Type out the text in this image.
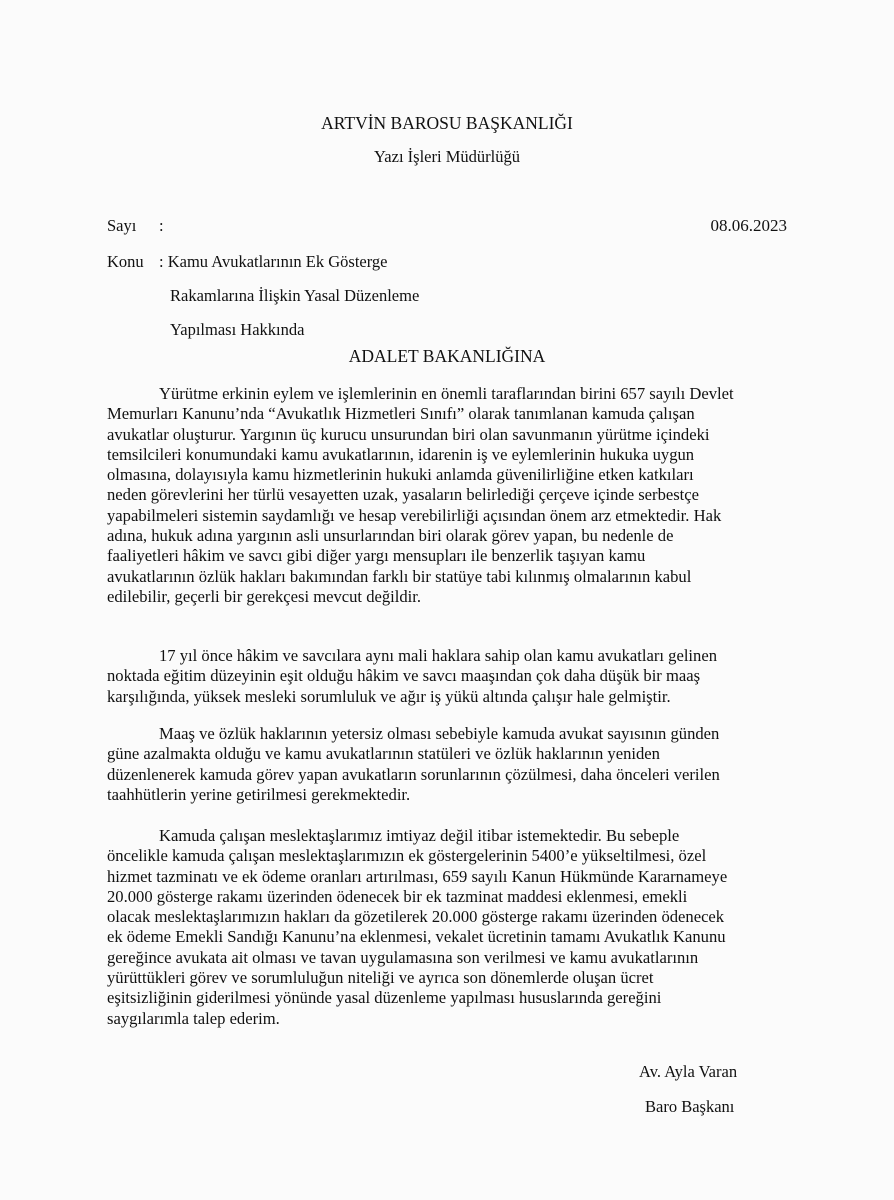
ARTVİN BAROSU BAŞKANLIĞI
Yazı İşleri Müdürlüğü
Sayı :	08.06.2023
Konu : Kamu Avukatlarının Ek Gösterge
Rakamlarına İlişkin Yasal Düzenleme
Yapılması Hakkında
ADALET BAKANLIĞINA
Yürütme erkinin eylem ve işlemlerinin en önemli taraflarından birini 657 sayılı Devlet
Memurları Kanunu’nda “Avukatlık Hizmetleri Sınıfı” olarak tanımlanan kamuda çalışan
avukatlar oluşturur. Yargının üç kurucu unsurundan biri olan savunmanın yürütme içindeki
temsilcileri konumundaki kamu avukatlarının, idarenin iş ve eylemlerinin hukuka uygun
olmasına, dolayısıyla kamu hizmetlerinin hukuki anlamda güvenilirliğine etken katkıları
neden görevlerini her türlü vesayetten uzak, yasaların belirlediği çerçeve içinde serbestçe
yapabilmeleri sistemin saydamlığı ve hesap verebilirliği açısından önem arz etmektedir. Hak
adına, hukuk adına yargının asli unsurlarından biri olarak görev yapan, bu nedenle de
faaliyetleri hâkim ve savcı gibi diğer yargı mensupları ile benzerlik taşıyan kamu
avukatlarının özlük hakları bakımından farklı bir statüye tabi kılınmış olmalarının kabul
edilebilir, geçerli bir gerekçesi mevcut değildir.
17 yıl önce hâkim ve savcılara aynı mali haklara sahip olan kamu avukatları gelinen
noktada eğitim düzeyinin eşit olduğu hâkim ve savcı maaşından çok daha düşük bir maaş
karşılığında, yüksek mesleki sorumluluk ve ağır iş yükü altında çalışır hale gelmiştir.
Maaş ve özlük haklarının yetersiz olması sebebiyle kamuda avukat sayısının günden
güne azalmakta olduğu ve kamu avukatlarının statüleri ve özlük haklarının yeniden
düzenlenerek kamuda görev yapan avukatların sorunlarının çözülmesi, daha önceleri verilen
taahhütlerin yerine getirilmesi gerekmektedir.
Kamuda çalışan meslektaşlarımız imtiyaz değil itibar istemektedir. Bu sebeple
öncelikle kamuda çalışan meslektaşlarımızın ek göstergelerinin 5400’e yükseltilmesi, özel
hizmet tazminatı ve ek ödeme oranları artırılması, 659 sayılı Kanun Hükmünde Kararnameye
20.000 gösterge rakamı üzerinden ödenecek bir ek tazminat maddesi eklenmesi, emekli
olacak meslektaşlarımızın hakları da gözetilerek 20.000 gösterge rakamı üzerinden ödenecek
ek ödeme Emekli Sandığı Kanunu’na eklenmesi, vekalet ücretinin tamamı Avukatlık Kanunu
gereğince avukata ait olması ve tavan uygulamasına son verilmesi ve kamu avukatlarının
yürüttükleri görev ve sorumluluğun niteliği ve ayrıca son dönemlerde oluşan ücret
eşitsizliğinin giderilmesi yönünde yasal düzenleme yapılması hususlarında gereğini
saygılarımla talep ederim.
Av. Ayla Varan
Baro Başkanı
